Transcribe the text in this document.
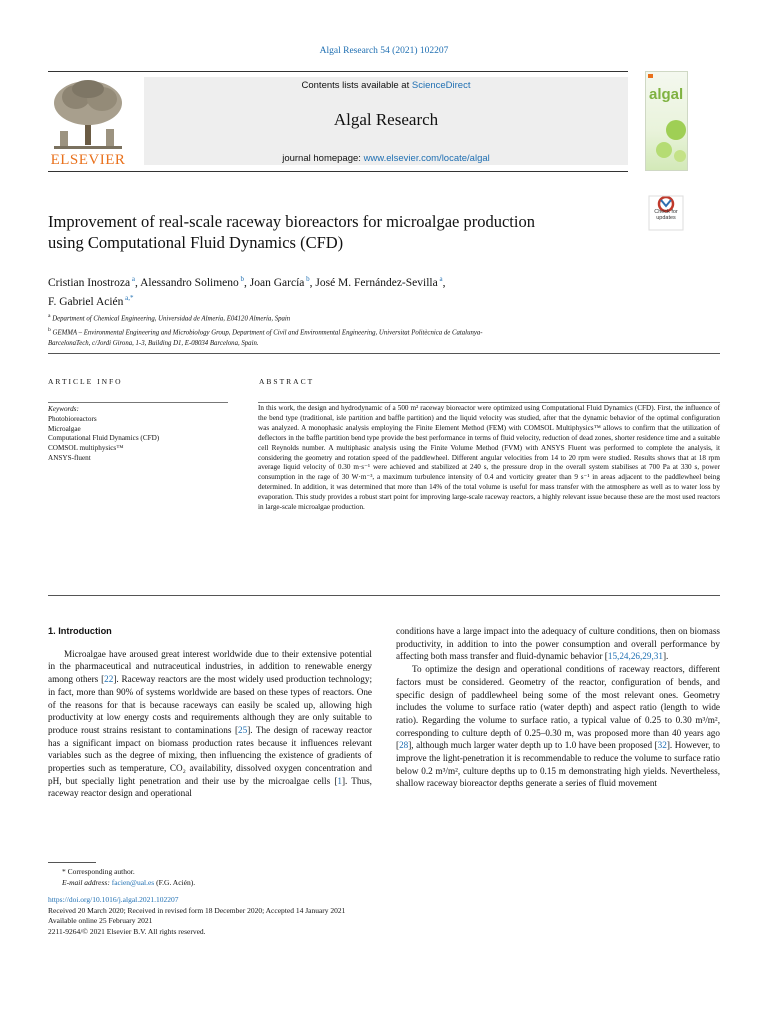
Algal Research 54 (2021) 102207
ELSEVIER
Contents lists available at ScienceDirect
Algal Research
journal homepage: www.elsevier.com/locate/algal
algal
Improvement of real-scale raceway bioreactors for microalgae production
using Computational Fluid Dynamics (CFD)
Check for updates
Cristian Inostroza $^a$, Alessandro Solimeno $^b$, Joan García $^b$, José M. Fernández-Sevilla $^a$,
F. Gabriel Acién $^{a,*}$
$^a$ Department of Chemical Engineering, Universidad de Almería, E04120 Almería, Spain
$^b$ GEMMA – Environmental Engineering and Microbiology Group, Department of Civil and Environmental Engineering, Universitat Politècnica de Catalunya-
BarcelonaTech, c/Jordi Girona, 1-3, Building D1, E-08034 Barcelona, Spain.
ARTICLE INFO	ABSTRACT
Keywords:
Photobioreactors
Microalgae
Computational Fluid Dynamics (CFD)
COMSOL multiphysics™
ANSYS-fluent

In this work, the design and hydrodynamic of a 500 m² raceway bioreactor were optimized using Computational Fluid Dynamics (CFD). First, the influence of the bend type (traditional, isle partition and baffle partition) and the liquid velocity was studied, after that the dynamic behavior of the optimal configuration was analyzed. A monophasic analysis employing the Finite Element Method (FEM) with COMSOL Multiphysics™ allows to confirm that the utilization of deflectors in the baffle partition bend type provide the best performance in terms of fluid velocity, reduction of dead zones, shorter residence time and a suitable cell Reynolds number. A multiphasic analysis using the Finite Volume Method (FVM) with ANSYS Fluent was performed to complete the analysis, it considering the geometry and rotation speed of the paddlewheel. Different angular velocities from 14 to 20 rpm were studied. Results shows that at 18 rpm average liquid velocity of 0.30 m·s⁻¹ were achieved and stabilized at 240 s, the pressure drop in the overall system stabilises at 700 Pa at 330 s, power consumption in the rage of 30 W·m⁻³, a maximum turbulence intensity of 0.4 and vorticity greater than 9 s⁻¹ in areas adjacent to the paddlewheel being determined. In addition, it was determined that more than 14% of the total volume is useful for mass transfer with the atmosphere as well as to water loss by evaporation. This study provides a robust start point for improving large-scale raceway reactors, a highly relevant issue because these are the most used reactors in large-scale microalgae production.

1. Introduction

Microalgae have aroused great interest worldwide due to their extensive potential in the pharmaceutical and nutraceutical industries, in addition to renewable energy among others [22]. Raceway reactors are the most widely used production technology; in fact, more than 90% of systems worldwide are based on these types of reactors. One of the reasons for that is because raceways can easily be scaled up, allowing high productivity at low energy costs and requirements although they are only suitable to produce roust strains resistant to contaminations [25]. The design of raceway reactor has a significant impact on biomass production rates because it influences relevant variables such as the degree of mixing, then influencing the existence of gradients of properties such as temperature, CO₂ availability, dissolved oxygen concentration and pH, but specially light penetration and their use by the microalgae cells [1]. Thus, raceway reactor design and operational

conditions have a large impact into the adequacy of culture conditions, then on biomass productivity, in addition to into the power consumption and overall performance by affecting both mass transfer and fluid-dynamic behavior [15,24,26,29,31].

To optimize the design and operational conditions of raceway reactors, different factors must be considered. Geometry of the reactor, configuration of bends, and specific design of paddlewheel being some of the most relevant ones. Geometry includes the volume to surface ratio (water depth) and aspect ratio (length to wide ratio). Regarding the volume to surface ratio, a typical value of 0.25 to 0.30 m³/m², corresponding to culture depth of 0.25–0.30 m, was proposed more than 40 years ago [28], although much larger water depth up to 1.0 have been proposed [32]. However, to improve the light-penetration it is recommendable to reduce the volume to surface ratio below 0.2 m³/m², culture depths up to 0.15 m demonstrating high yields. Nevertheless, shallow raceway bioreactor depths generate a series of fluid movement

* Corresponding author.
E-mail address: facien@ual.es (F.G. Acién).
https://doi.org/10.1016/j.algal.2021.102207
Received 20 March 2020; Received in revised form 18 December 2020; Accepted 14 January 2021
Available online 25 February 2021
2211-9264/© 2021 Elsevier B.V. All rights reserved.
